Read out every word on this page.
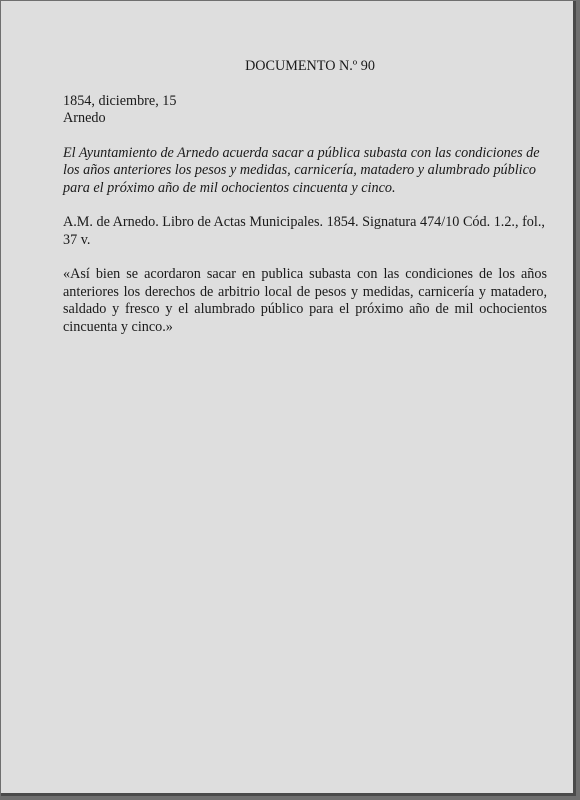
DOCUMENTO N.º 90
1854, diciembre, 15
Arnedo

El Ayuntamiento de Arnedo acuerda sacar a pública subasta con las condiciones de los años anteriores los pesos y medidas, carnicería, matadero y alumbrado público para el próximo año de mil ochocientos cincuenta y cinco.

A.M. de Arnedo. Libro de Actas Municipales. 1854. Signatura 474/10 Cód. 1.2., fol., 37 v.

«Así bien se acordaron sacar en publica subasta con las condiciones de los años anteriores los derechos de arbitrio local de pesos y medidas, carnicería y matadero, saldado y fresco y el alumbrado público para el próximo año de mil ochocientos cincuenta y cinco.»
